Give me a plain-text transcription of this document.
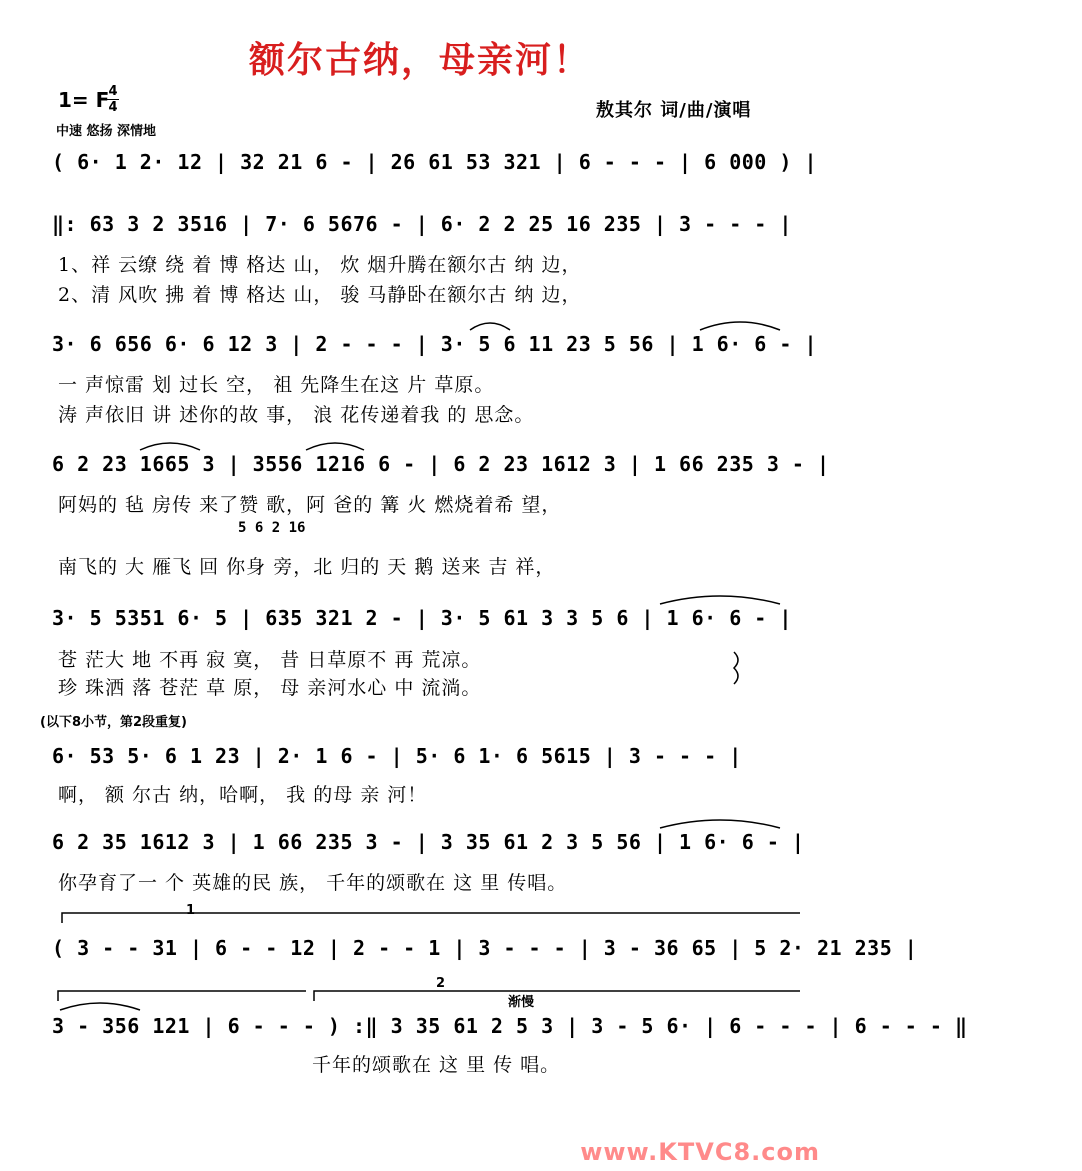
额尔古纳，母亲河！
1= F 4
4
中速 悠扬 深情地
敖其尔 词/曲/演唱
( 6· 1 2· 12 | 32 21 6 - | 26 61 53 321 | 6 - - - | 6 000 ) |
‖: 63 3 2 3516 | 7· 6 5676 - | 6· 2 2 25 16 235 | 3 - - - |
1、祥 云缭 绕 着 博 格达 山， 炊 烟升腾在额尔古 纳 边，
2、清 风吹 拂 着 博 格达 山， 骏 马静卧在额尔古 纳 边，
3· 6 656 6· 6 12 3 | 2 - - - | 3· 5 6 11 23 5 56 | 1 6· 6 - |
一 声惊雷 划 过长 空， 祖 先降生在这 片 草原。
涛 声依旧 讲 述你的故 事， 浪 花传递着我 的 思念。
6 2 23 1665 3 | 3556 1216 6 - | 6 2 23 1612 3 | 1 66 235 3 - |
阿妈的 毡 房传 来了赞 歌，阿 爸的 篝 火 燃烧着希 望，
5 6 2 16
南飞的 大 雁飞 回 你身 旁，北 归的 天 鹅 送来 吉 祥，
3· 5 5351 6· 5 | 635 321 2 - | 3· 5 61 3 3 5 6 | 1 6· 6 - |
苍 茫大 地 不再 寂 寞， 昔 日草原不 再 荒凉。
珍 珠洒 落 苍茫 草 原， 母 亲河水心 中 流淌。
(以下8小节，第2段重复)
6· 53 5· 6 1 23 | 2· 1 6 - | 5· 6 1· 6 5615 | 3 - - - |
啊， 额 尔古 纳，哈啊， 我 的母 亲 河！
6 2 35 1612 3 | 1 66 235 3 - | 3 35 61 2 3 5 56 | 1 6· 6 - |
你孕育了一 个 英雄的民 族， 千年的颂歌在 这 里 传唱。
1
( 3 - - 31 | 6 - - 12 | 2 - - 1 | 3 - - - | 3 - 36 65 | 5 2· 21 235 |
2
渐慢
3 - 356 121 | 6 - - - ) :‖ 3 35 61 2 5 3 | 3 - 5 6· | 6 - - - | 6 - - - ‖
千年的颂歌在 这 里 传 唱。
www.KTVC8.com
